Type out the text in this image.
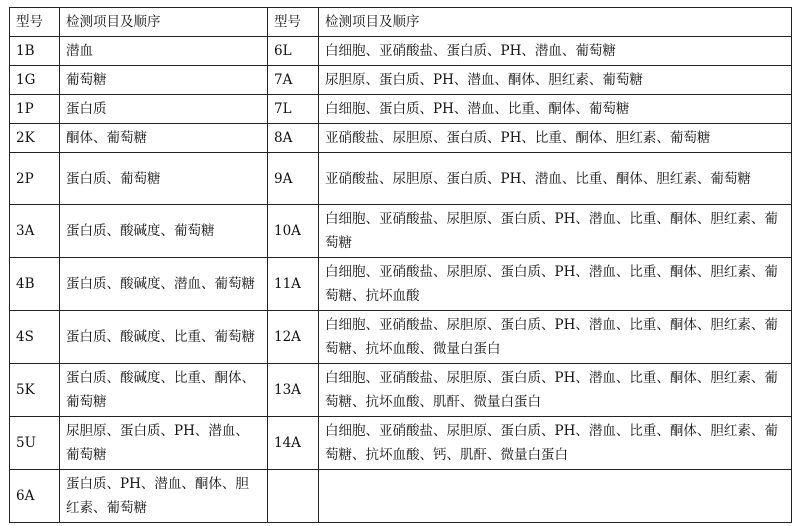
型号	检测项目及顺序	型号	检测项目及顺序
1B	潜血	6L	白细胞、亚硝酸盐、蛋白质、PH、潜血、葡萄糖
1G	葡萄糖	7A	尿胆原、蛋白质、PH、潜血、酮体、胆红素、葡萄糖
1P	蛋白质	7L	白细胞、蛋白质、PH、潜血、比重、酮体、葡萄糖
2K	酮体、葡萄糖	8A	亚硝酸盐、尿胆原、蛋白质、PH、比重、酮体、胆红素、葡萄糖
2P	蛋白质、葡萄糖	9A	亚硝酸盐、尿胆原、蛋白质、PH、潜血、比重、酮体、胆红素、葡萄糖
3A	蛋白质、酸碱度、葡萄糖	10A	白细胞、亚硝酸盐、尿胆原、蛋白质、PH、潜血、比重、酮体、胆红素、葡萄糖
4B	蛋白质、酸碱度、潜血、葡萄糖	11A	白细胞、亚硝酸盐、尿胆原、蛋白质、PH、潜血、比重、酮体、胆红素、葡萄糖、抗坏血酸
4S	蛋白质、酸碱度、比重、葡萄糖	12A	白细胞、亚硝酸盐、尿胆原、蛋白质、PH、潜血、比重、酮体、胆红素、葡萄糖、抗坏血酸、微量白蛋白
5K	蛋白质、酸碱度、比重、酮体、葡萄糖	13A	白细胞、亚硝酸盐、尿胆原、蛋白质、PH、潜血、比重、酮体、胆红素、葡萄糖、抗坏血酸、肌酐、微量白蛋白
5U	尿胆原、蛋白质、PH、潜血、葡萄糖	14A	白细胞、亚硝酸盐、尿胆原、蛋白质、PH、潜血、比重、酮体、胆红素、葡萄糖、抗坏血酸、钙、肌酐、微量白蛋白
6A	蛋白质、PH、潜血、酮体、胆红素、葡萄糖		
